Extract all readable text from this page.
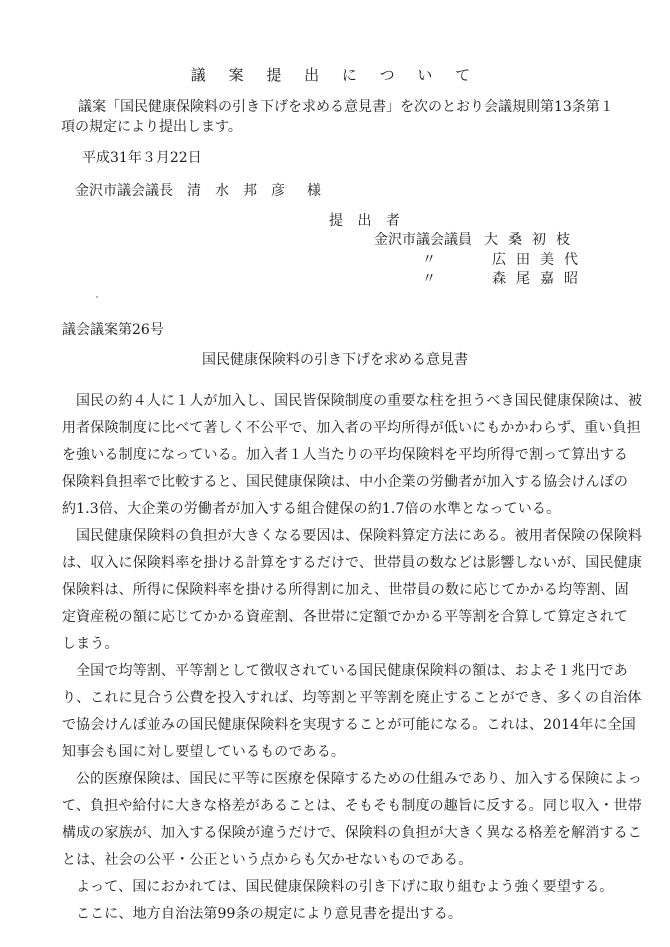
議 案 提 出 に つ い て
議案「国民健康保険料の引き下げを求める意見書」を次のとおり会議規則第13条第１項の規定により提出します。
平成31年３月22日
金沢市議会議長　清　水　邦　彦 様
提 出 者
金沢市議会議員 大桑初枝
〃	広田美代
〃	森尾嘉昭
議会議案第26号
国民健康保険料の引き下げを求める意見書

国民の約４人に１人が加入し、国民皆保険制度の重要な柱を担うべき国民健康保険は、被用者保険制度に比べて著しく不公平で、加入者の平均所得が低いにもかかわらず、重い負担を強いる制度になっている。加入者１人当たりの平均保険料を平均所得で割って算出する保険料負担率で比較すると、国民健康保険は、中小企業の労働者が加入する協会けんぽの約1.3倍、大企業の労働者が加入する組合健保の約1.7倍の水準となっている。

国民健康保険料の負担が大きくなる要因は、保険料算定方法にある。被用者保険の保険料は、収入に保険料率を掛ける計算をするだけで、世帯員の数などは影響しないが、国民健康保険料は、所得に保険料率を掛ける所得割に加え、世帯員の数に応じてかかる均等割、固定資産税の額に応じてかかる資産割、各世帯に定額でかかる平等割を合算して算定されてしまう。

全国で均等割、平等割として徴収されている国民健康保険料の額は、およそ１兆円であり、これに見合う公費を投入すれば、均等割と平等割を廃止することができ、多くの自治体で協会けんぽ並みの国民健康保険料を実現することが可能になる。これは、2014年に全国知事会も国に対し要望しているものである。

公的医療保険は、国民に平等に医療を保障するための仕組みであり、加入する保険によって、負担や給付に大きな格差があることは、そもそも制度の趣旨に反する。同じ収入・世帯構成の家族が、加入する保険が違うだけで、保険料の負担が大きく異なる格差を解消することは、社会の公平・公正という点からも欠かせないものである。

よって、国におかれては、国民健康保険料の引き下げに取り組むよう強く要望する。

ここに、地方自治法第99条の規定により意見書を提出する。
